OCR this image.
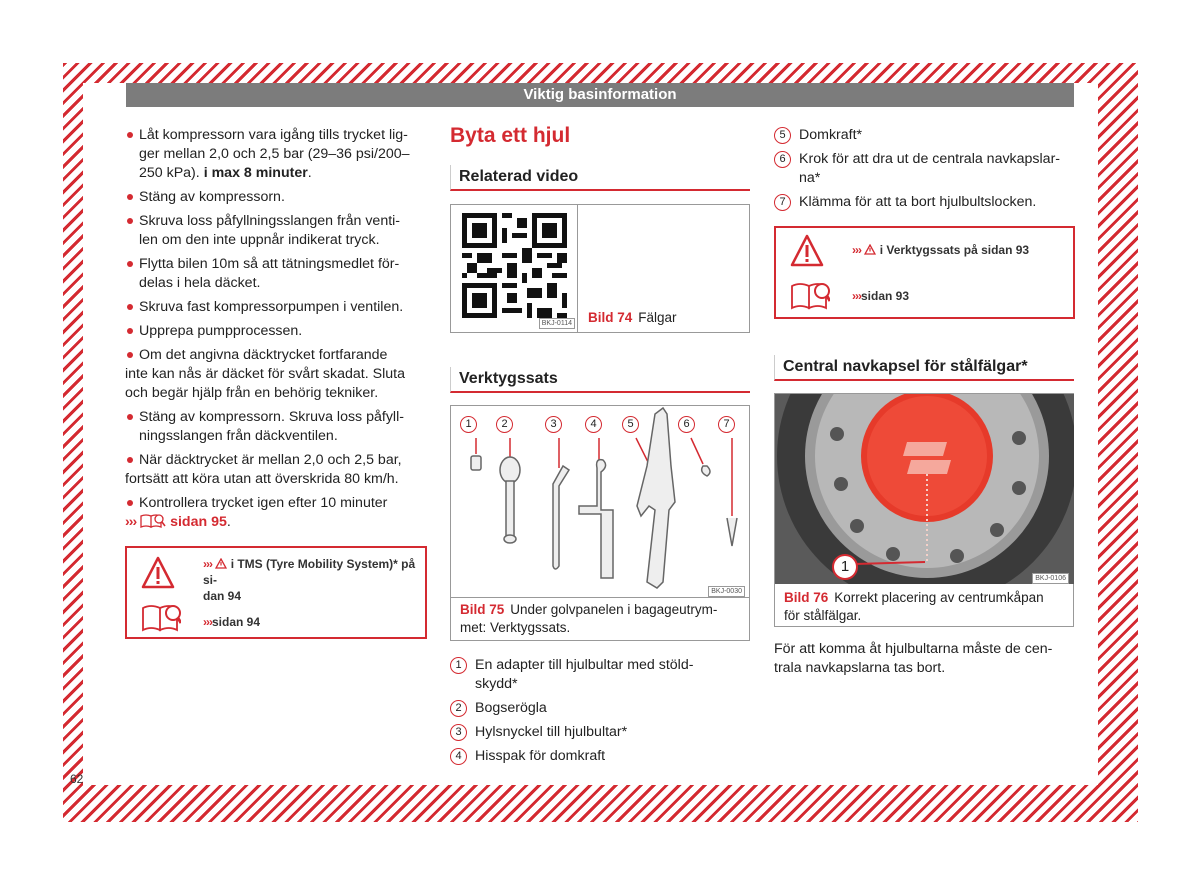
Viktig basinformation
Låt kompressorn vara igång tills trycket lig-
ger mellan 2,0 och 2,5 bar (29–36 psi/200–
250 kPa). i max 8 minuter.
Stäng av kompressorn.
Skruva loss påfyllningsslangen från venti-
len om den inte uppnår indikerat tryck.
Flytta bilen 10m så att tätningsmedlet för-
delas i hela däcket.
Skruva fast kompressorpumpen i ventilen.
Upprepa pumpprocessen.
Om det angivna däcktrycket fortfarande
inte kan nås är däcket för svårt skadat. Sluta
och begär hjälp från en behörig tekniker.
Stäng av kompressorn. Skruva loss påfyll-
ningsslangen från däckventilen.
När däcktrycket är mellan 2,0 och 2,5 bar,
fortsätt att köra utan att överskrida 80 km/h.
Kontrollera trycket igen efter 10 minuter
››› sidan 95.
››› i TMS (Tyre Mobility System)* på si-
dan 94
›››sidan 94
Byta ett hjul
Relaterad video
BKJ-0114 Bild 74 Fälgar
Verktygssats
1	2	3	4	5	6	7
BKJ-0030
Bild 75 Under golvpanelen i bagageutrym-
met: Verktygssats.
1 En adapter till hjulbultar med stöld-
skydd*
2 Bogserögla
3 Hylsnyckel till hjulbultar*
4 Hisspak för domkraft
5 Domkraft*
6 Krok för att dra ut de centrala navkapslar-
na*
7 Klämma för att ta bort hjulbultslocken.
››› i Verktygssats på sidan 93
›››sidan 93
Central navkapsel för stålfälgar*
1
BKJ-0106
Bild 76 Korrekt placering av centrumkåpan
för stålfälgar.
För att komma åt hjulbultarna måste de cen-
trala navkapslarna tas bort.
62
